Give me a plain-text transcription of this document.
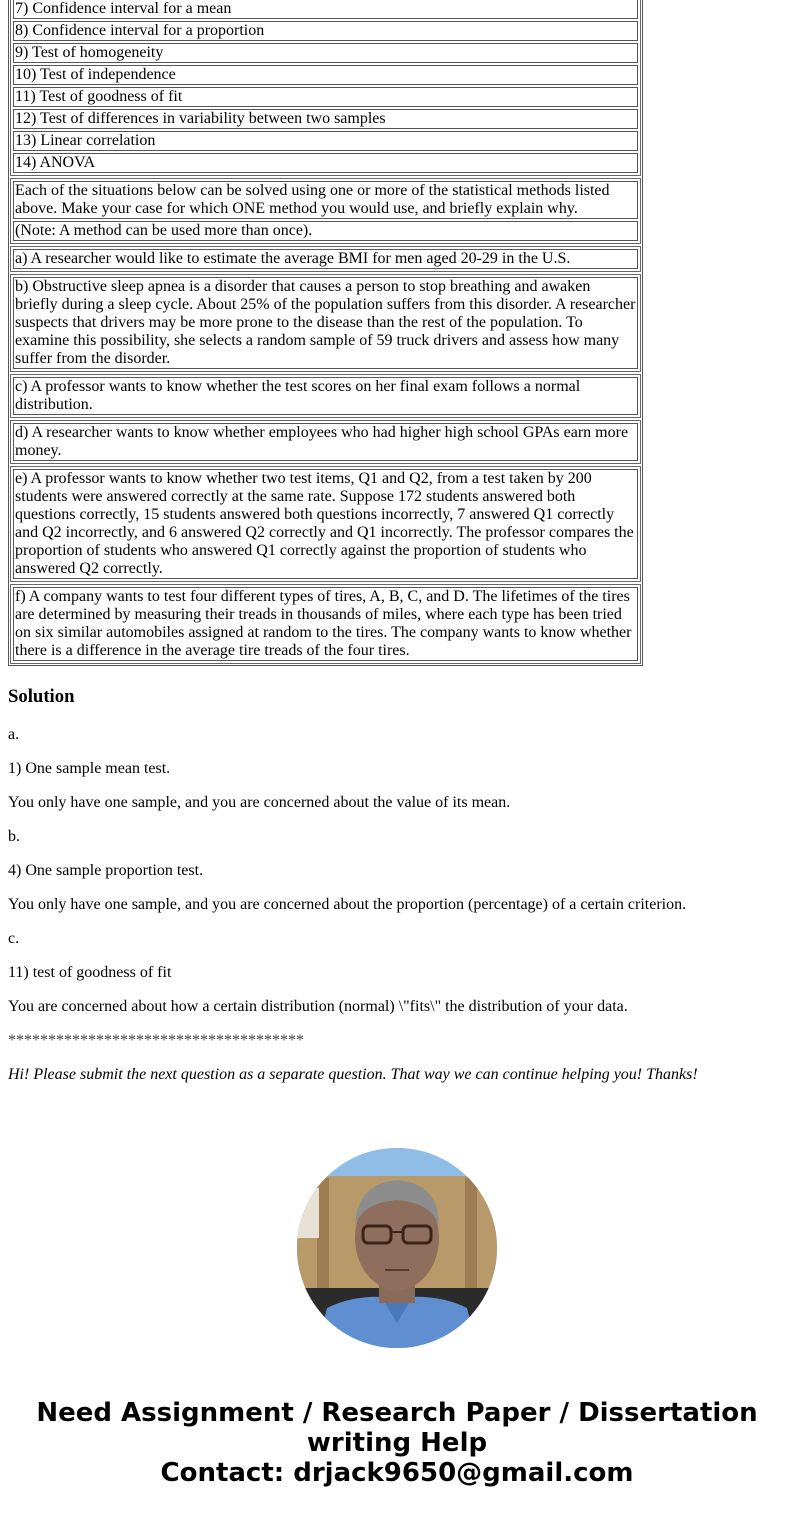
7) Confidence interval for a mean
8) Confidence interval for a proportion
9) Test of homogeneity
10) Test of independence
11) Test of goodness of fit
12) Test of differences in variability between two samples
13) Linear correlation
14) ANOVA

Each of the situations below can be solved using one or more of the statistical methods listed above. Make your case for which ONE method you would use, and briefly explain why.
(Note: A method can be used more than once).

a) A researcher would like to estimate the average BMI for men aged 20-29 in the U.S.

b) Obstructive sleep apnea is a disorder that causes a person to stop breathing and awaken briefly during a sleep cycle. About 25% of the population suffers from this disorder. A researcher suspects that drivers may be more prone to the disease than the rest of the population. To examine this possibility, she selects a random sample of 59 truck drivers and assess how many suffer from the disorder.

c) A professor wants to know whether the test scores on her final exam follows a normal distribution.

d) A researcher wants to know whether employees who had higher high school GPAs earn more money.

e) A professor wants to know whether two test items, Q1 and Q2, from a test taken by 200 students were answered correctly at the same rate. Suppose 172 students answered both questions correctly, 15 students answered both questions incorrectly, 7 answered Q1 correctly and Q2 incorrectly, and 6 answered Q2 correctly and Q1 incorrectly. The professor compares the proportion of students who answered Q1 correctly against the proportion of students who answered Q2 correctly.

f) A company wants to test four different types of tires, A, B, C, and D. The lifetimes of the tires are determined by measuring their treads in thousands of miles, where each type has been tried on six similar automobiles assigned at random to the tires. The company wants to know whether there is a difference in the average tire treads of the four tires.
Solution

a.

1) One sample mean test.

You only have one sample, and you are concerned about the value of its mean.

b.

4) One sample proportion test.

You only have one sample, and you are concerned about the proportion (percentage) of a certain criterion.

c.

11) test of goodness of fit

You are concerned about how a certain distribution (normal) \"fits\" the distribution of your data.

*************************************

Hi! Please submit the next question as a separate question. That way we can continue helping you! Thanks!

Need Assignment / Research Paper / Dissertation writing Help
Contact: drjack9650@gmail.com
